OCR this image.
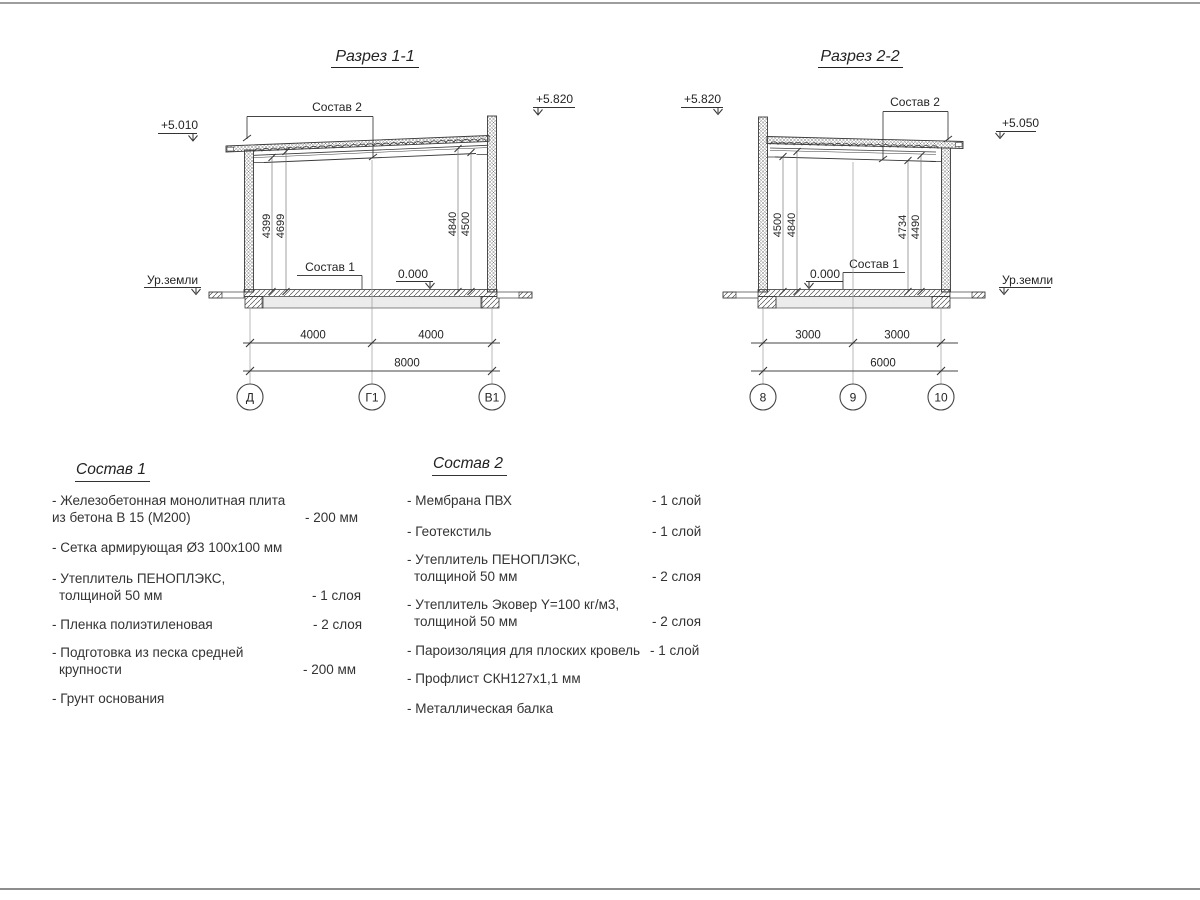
Разрез 1-1
+5.010
+5.820
Состав 2
4399 4699	4840 4500
Состав 1	0.000
Ур.земли
4000	4000
8000
Д	Г1	В1
Разрез 2-2
+5.820
+5.050
Состав 2
4500 4840	4734 4490
Состав 1
0.000	Ур.земли
3000	3000
6000
8	9	10
Состав 1
- Железобетонная монолитная плита
из бетона В 15 (М200)	- 200 мм
- Сетка армирующая Ø3 100х100 мм
- Утеплитель ПЕНОПЛЭКС,
толщиной 50 мм	- 1 слоя
- Пленка полиэтиленовая	- 2 слоя
- Подготовка из песка средней
крупности	- 200 мм
- Грунт основания
Состав 2
- Мембрана ПВХ	- 1 слой
- Геотекстиль	- 1 слой
- Утеплитель ПЕНОПЛЭКС,
толщиной 50 мм	- 2 слоя
- Утеплитель Эковер Y=100 кг/м3,
толщиной 50 мм	- 2 слоя
- Пароизоляция для плоских кровель - 1 слой
- Профлист СКН127х1,1 мм
- Металлическая балка
